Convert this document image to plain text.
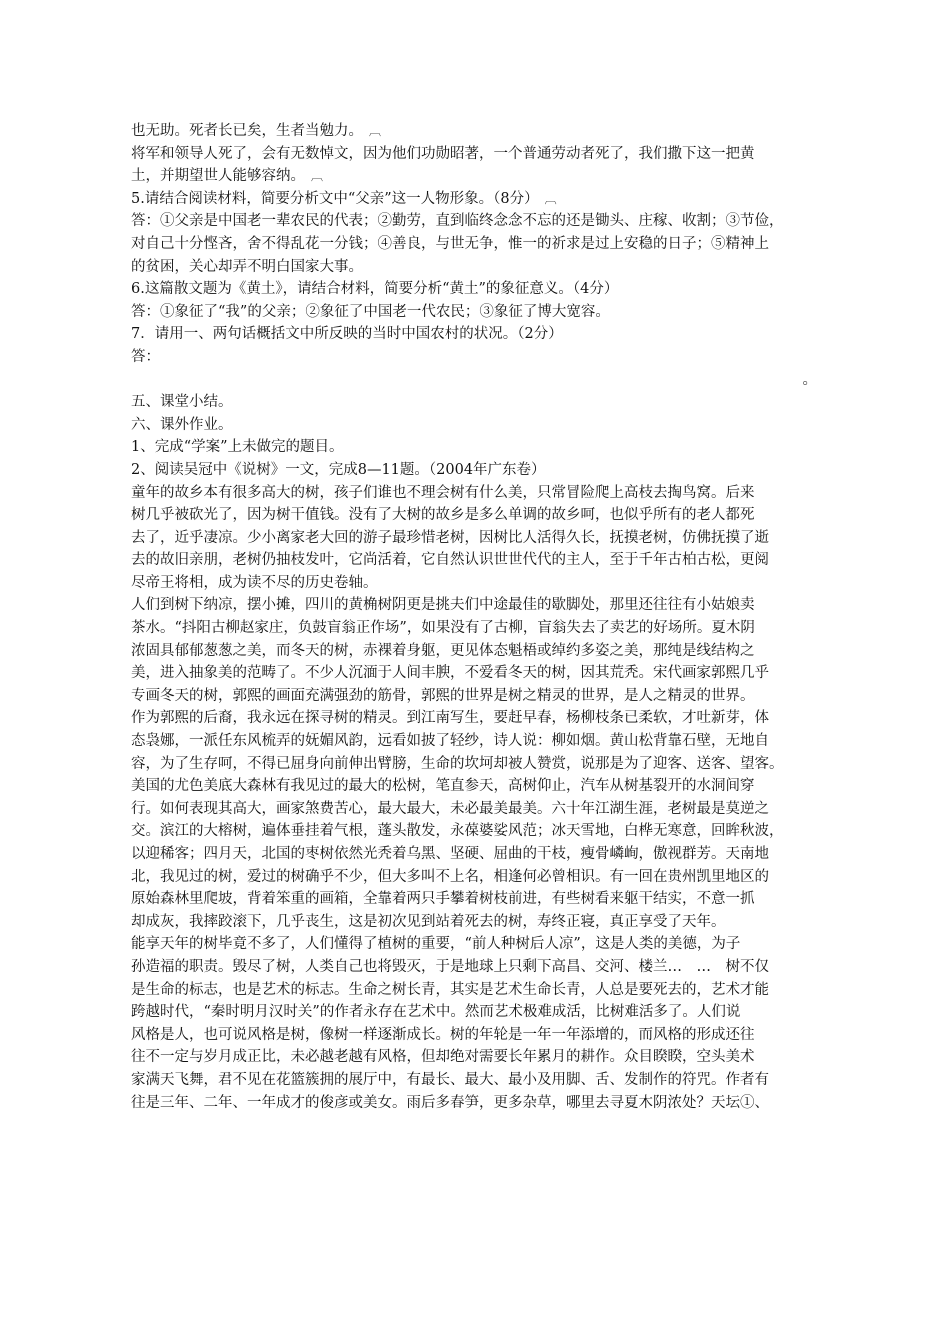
也无助。死者长已矣，生者当勉力。 ︹
将军和领导人死了，会有无数悼文，因为他们功勋昭著，一个普通劳动者死了，我们撒下这一把黄
土，并期望世人能够容纳。 ︹
5.请结合阅读材料，简要分析文中“父亲”这一人物形象。（8分） ︹
答：①父亲是中国老一辈农民的代表；②勤劳，直到临终念念不忘的还是锄头、庄稼、收割；③节俭，
对自己十分悭吝，舍不得乱花一分钱；④善良，与世无争，惟一的祈求是过上安稳的日子；⑤精神上
的贫困，关心却弄不明白国家大事。
6.这篇散文题为《黄土》，请结合材料，简要分析“黄土”的象征意义。（4分）
答：①象征了“我”的父亲；②象征了中国老一代农民；③象征了博大宽容。
7．请用一、两句话概括文中所反映的当时中国农村的状况。（2分）
答：
。
五、课堂小结。
六、课外作业。
1、完成“学案”上未做完的题目。
2、阅读吴冠中《说树》一文，完成8—11题。（2004年广东卷）
童年的故乡本有很多高大的树，孩子们谁也不理会树有什么美，只常冒险爬上高枝去掏鸟窝。后来
树几乎被砍光了，因为树干值钱。没有了大树的故乡是多么单调的故乡呵，也似乎所有的老人都死
去了，近乎凄凉。少小离家老大回的游子最珍惜老树，因树比人活得久长，抚摸老树，仿佛抚摸了逝
去的故旧亲朋，老树仍抽枝发叶，它尚活着，它自然认识世世代代的主人，至于千年古柏古松，更阅
尽帝王将相，成为读不尽的历史卷轴。
人们到树下纳凉，摆小摊，四川的黄桷树阴更是挑夫们中途最佳的歇脚处，那里还往往有小姑娘卖
茶水。“抖阳古柳赵家庄，负鼓盲翁正作场”，如果没有了古柳，盲翁失去了卖艺的好场所。夏木阴
浓固具郁郁葱葱之美，而冬天的树，赤裸着身躯，更见体态魁梧或绰约多姿之美，那纯是线结构之
美，进入抽象美的范畴了。不少人沉湎于人间丰腴，不爱看冬天的树，因其荒秃。宋代画家郭熙几乎
专画冬天的树，郭熙的画面充满强劲的筋骨，郭熙的世界是树之精灵的世界，是人之精灵的世界。
作为郭熙的后裔，我永远在探寻树的精灵。到江南写生，要赶早春，杨柳枝条已柔软，才吐新芽，体
态袅娜，一派任东风梳弄的妩媚风韵，远看如披了轻纱，诗人说：柳如烟。黄山松背靠石壁，无地自
容，为了生存呵，不得已屈身向前伸出臂膀，生命的坎坷却被人赞赏，说那是为了迎客、送客、望客。
美国的尤色美底大森林有我见过的最大的松树，笔直参天，高树仰止，汽车从树基裂开的水洞间穿
行。如何表现其高大，画家煞费苦心，最大最大，未必最美最美。六十年江湖生涯，老树最是莫逆之
交。滨江的大榕树，遍体垂挂着气根，蓬头散发，永葆婆娑风范；冰天雪地，白桦无寒意，回眸秋波，
以迎稀客；四月天，北国的枣树依然光秃着乌黑、坚硬、屈曲的干枝，瘦骨嶙峋，傲视群芳。天南地
北，我见过的树，爱过的树确乎不少，但大多叫不上名，相逢何必曾相识。有一回在贵州凯里地区的
原始森林里爬坡，背着笨重的画箱，全靠着两只手攀着树枝前进，有些树看来躯干结实，不意一抓
却成灰，我摔跤滚下，几乎丧生，这是初次见到站着死去的树，寿终正寝，真正享受了天年。
能享天年的树毕竟不多了，人们懂得了植树的重要，“前人种树后人凉”，这是人类的美德，为子
孙造福的职责。毁尽了树，人类自己也将毁灭，于是地球上只剩下高昌、交河、楼兰…　…　树不仅
是生命的标志，也是艺术的标志。生命之树长青，其实是艺术生命长青，人总是要死去的，艺术才能
跨越时代，“秦时明月汉时关”的作者永存在艺术中。然而艺术极难成活，比树难活多了。人们说
风格是人，也可说风格是树，像树一样逐渐成长。树的年轮是一年一年添增的，而风格的形成还往
往不一定与岁月成正比，未必越老越有风格，但却绝对需要长年累月的耕作。众目睽睽，空头美术
家满天飞舞，君不见在花篮簇拥的展厅中，有最长、最大、最小及用脚、舌、发制作的符咒。作者有
往是三年、二年、一年成才的俊彦或美女。雨后多春笋，更多杂草，哪里去寻夏木阴浓处？天坛①、
